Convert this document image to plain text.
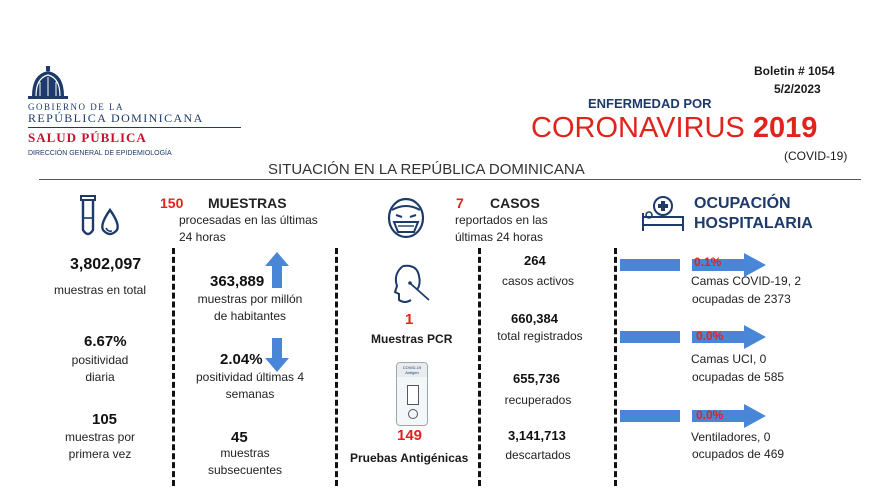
GOBIERNO DE LA
REPÚBLICA DOMINICANA
SALUD PÚBLICA
DIRECCIÓN GENERAL DE EPIDEMIOLOGÍA
Boletin # 1054
5/2/2023
ENFERMEDAD POR
CORONAVIRUS 2019
(COVID-19)
SITUACIÓN EN LA REPÚBLICA DOMINICANA
150 MUESTRAS
procesadas en las últimas 24 horas
3,802,097
muestras en total
6.67%
positividad diaria
105
muestras por primera vez
363,889
muestras por millón de habitantes
2.04%
positividad últimas 4 semanas
45
muestras subsecuentes
1
Muestras PCR
COVID-19 Antigen
149
Pruebas Antigénicas
7 CASOS
reportados en las últimas 24 horas
264
casos activos
660,384
total registrados
655,736
recuperados
3,141,713
descartados
OCUPACIÓN
HOSPITALARIA
0.1%
Camas COVID-19, 2
ocupadas de 2373
0.0%
Camas UCI, 0
ocupadas de 585
0.0%
Ventiladores, 0
ocupados de 469
